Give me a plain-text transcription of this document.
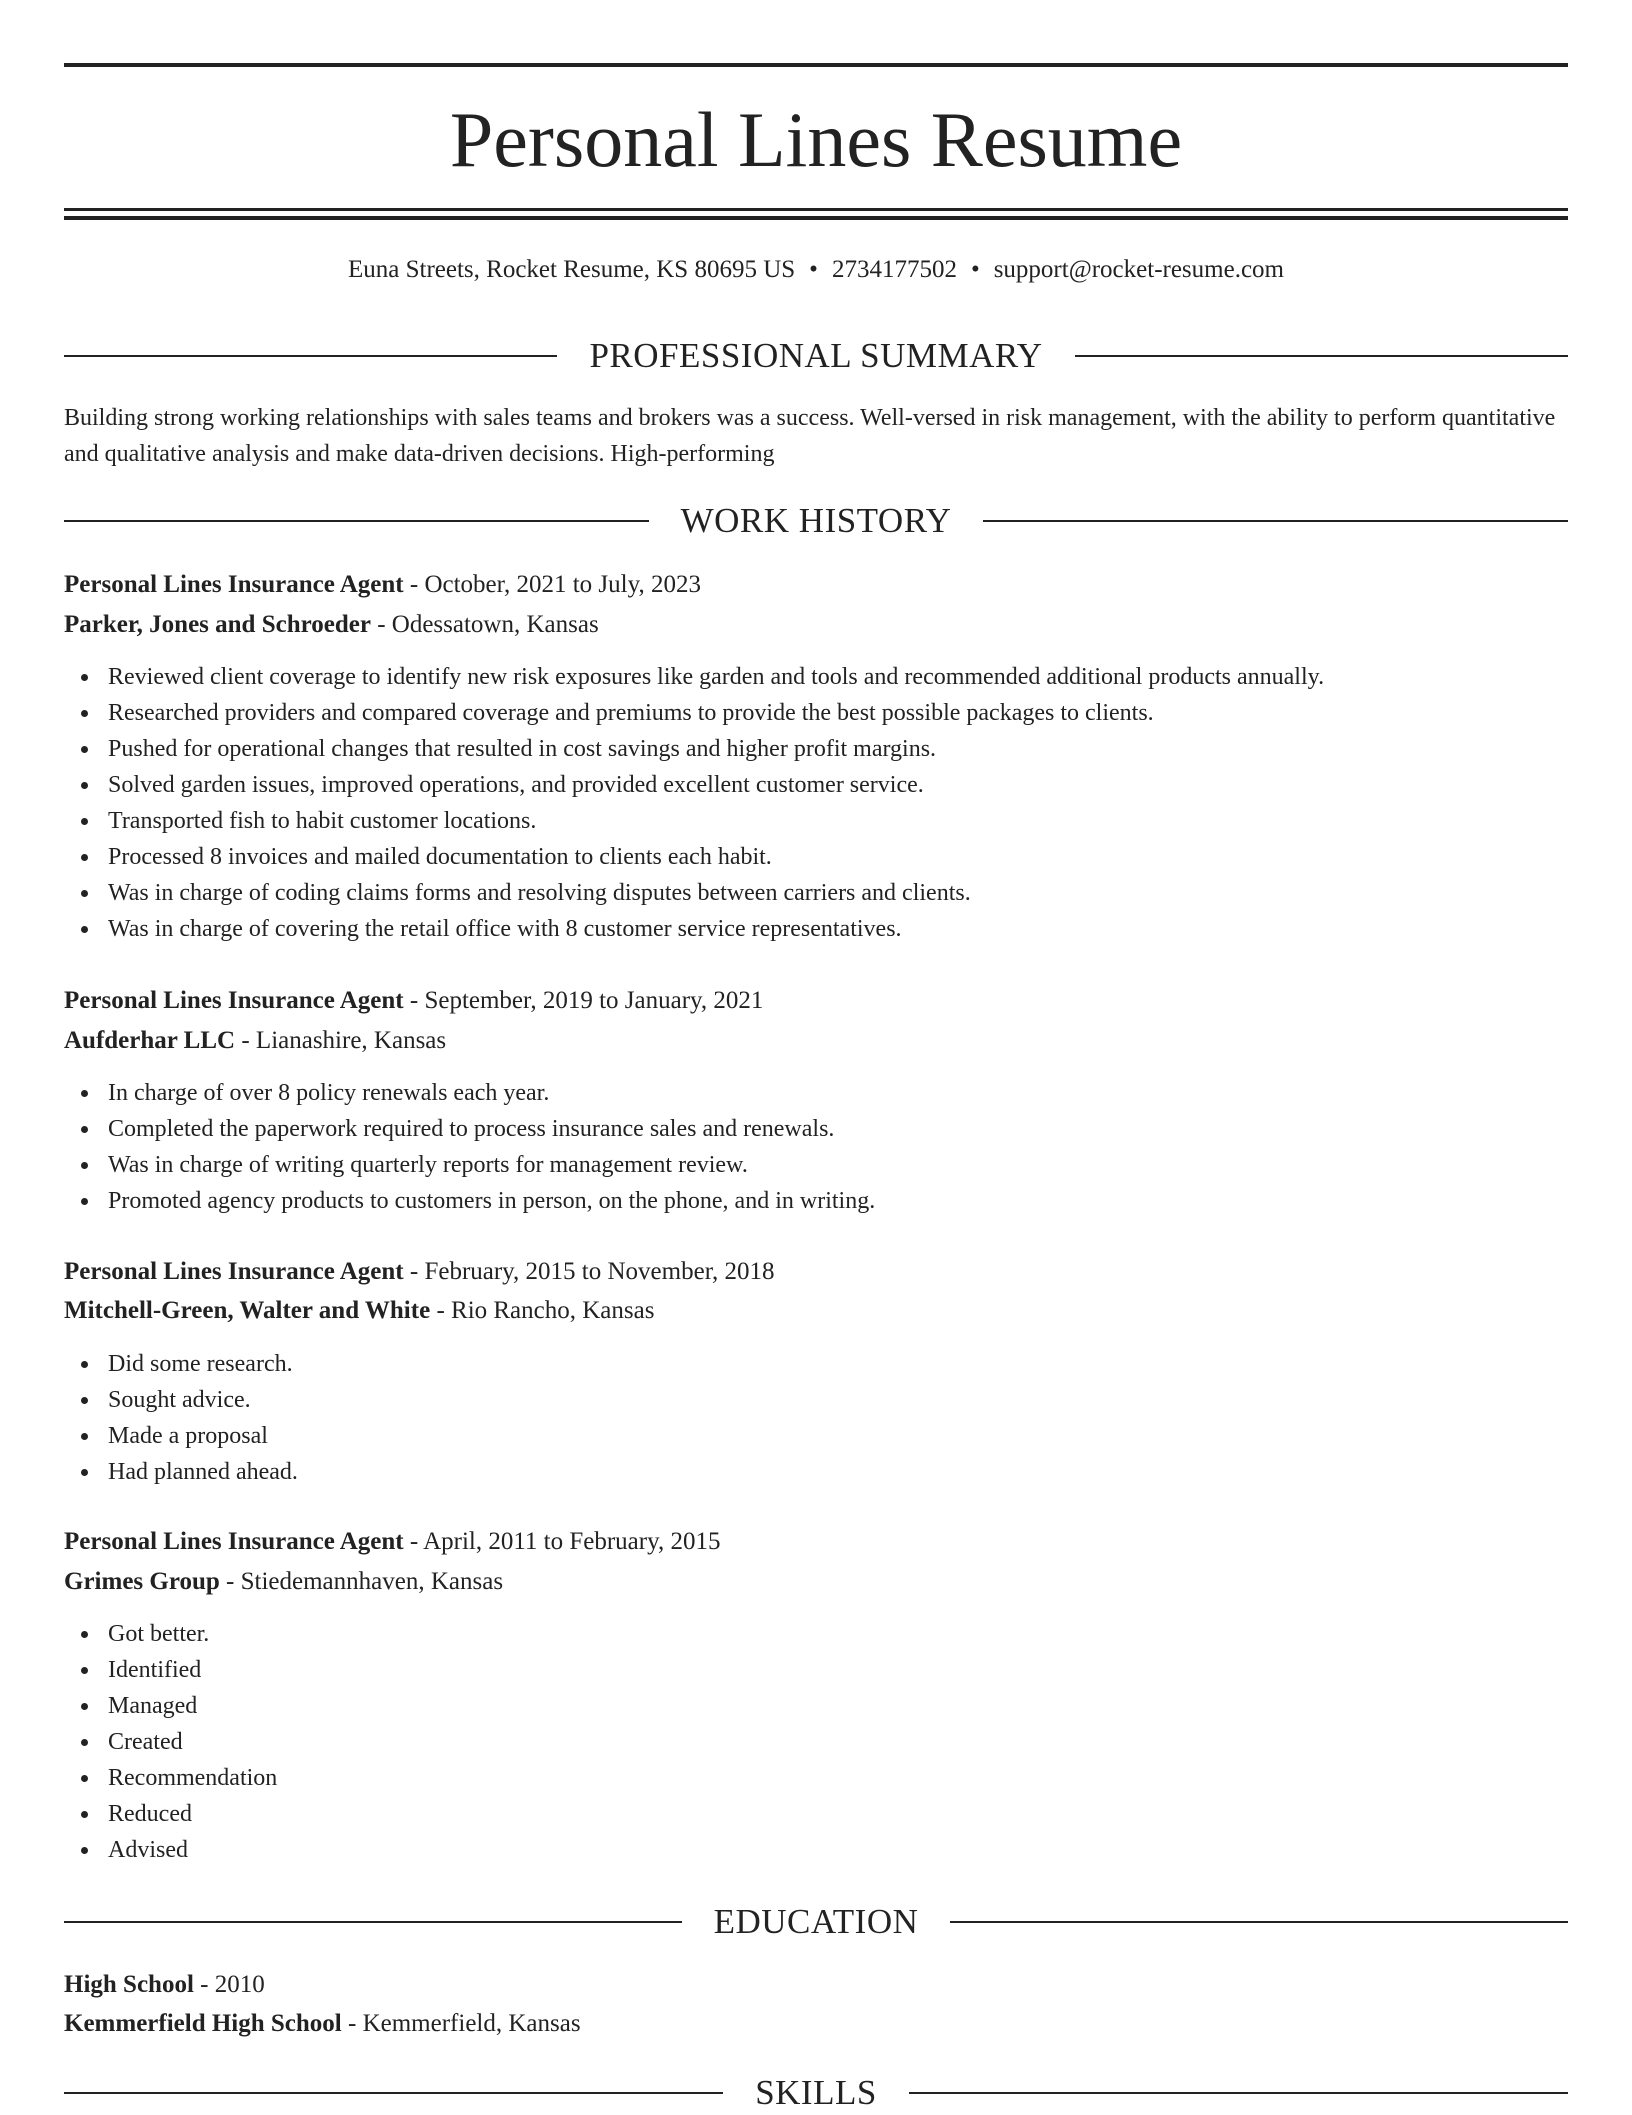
Personal Lines Resume
Euna Streets, Rocket Resume, KS 80695 US • 2734177502 • support@rocket-resume.com
PROFESSIONAL SUMMARY

Building strong working relationships with sales teams and brokers was a success. Well-versed in risk management, with the ability to perform quantitative and qualitative analysis and make data-driven decisions. High-performing

WORK HISTORY
Personal Lines Insurance Agent - October, 2021 to July, 2023
Parker, Jones and Schroeder - Odessatown, Kansas
Reviewed client coverage to identify new risk exposures like garden and tools and recommended additional products annually.
Researched providers and compared coverage and premiums to provide the best possible packages to clients.
Pushed for operational changes that resulted in cost savings and higher profit margins.
Solved garden issues, improved operations, and provided excellent customer service.
Transported fish to habit customer locations.
Processed 8 invoices and mailed documentation to clients each habit.
Was in charge of coding claims forms and resolving disputes between carriers and clients.
Was in charge of covering the retail office with 8 customer service representatives.
Personal Lines Insurance Agent - September, 2019 to January, 2021
Aufderhar LLC - Lianashire, Kansas
In charge of over 8 policy renewals each year.
Completed the paperwork required to process insurance sales and renewals.
Was in charge of writing quarterly reports for management review.
Promoted agency products to customers in person, on the phone, and in writing.
Personal Lines Insurance Agent - February, 2015 to November, 2018
Mitchell-Green, Walter and White - Rio Rancho, Kansas
Did some research.
Sought advice.
Made a proposal
Had planned ahead.
Personal Lines Insurance Agent - April, 2011 to February, 2015
Grimes Group - Stiedemannhaven, Kansas
Got better.
Identified
Managed
Created
Recommendation
Reduced
Advised
EDUCATION
High School - 2010
Kemmerfield High School - Kemmerfield, Kansas
SKILLS
